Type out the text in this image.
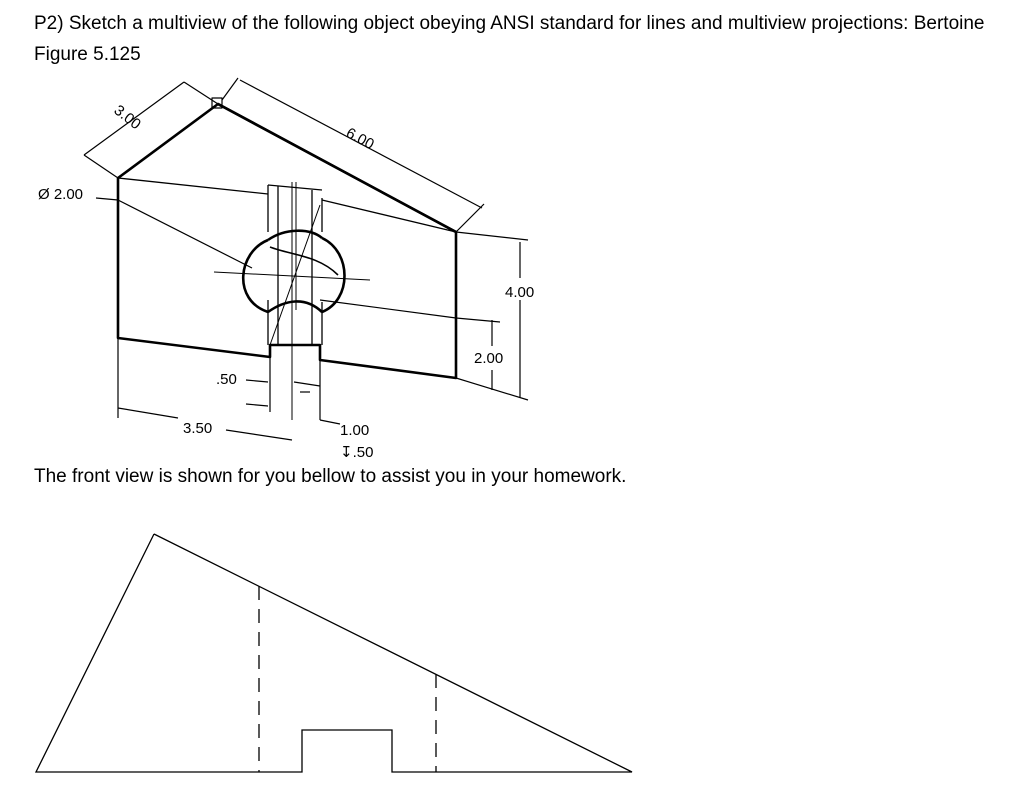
P2) Sketch a multiview of the following object obeying ANSI standard for lines and multiview projections: Bertoine Figure 5.125
3.00
6.00
Ø 2.00
4.00
2.00
.50
3.50	1.00
↧.50
The front view is shown for you bellow to assist you in your homework.
